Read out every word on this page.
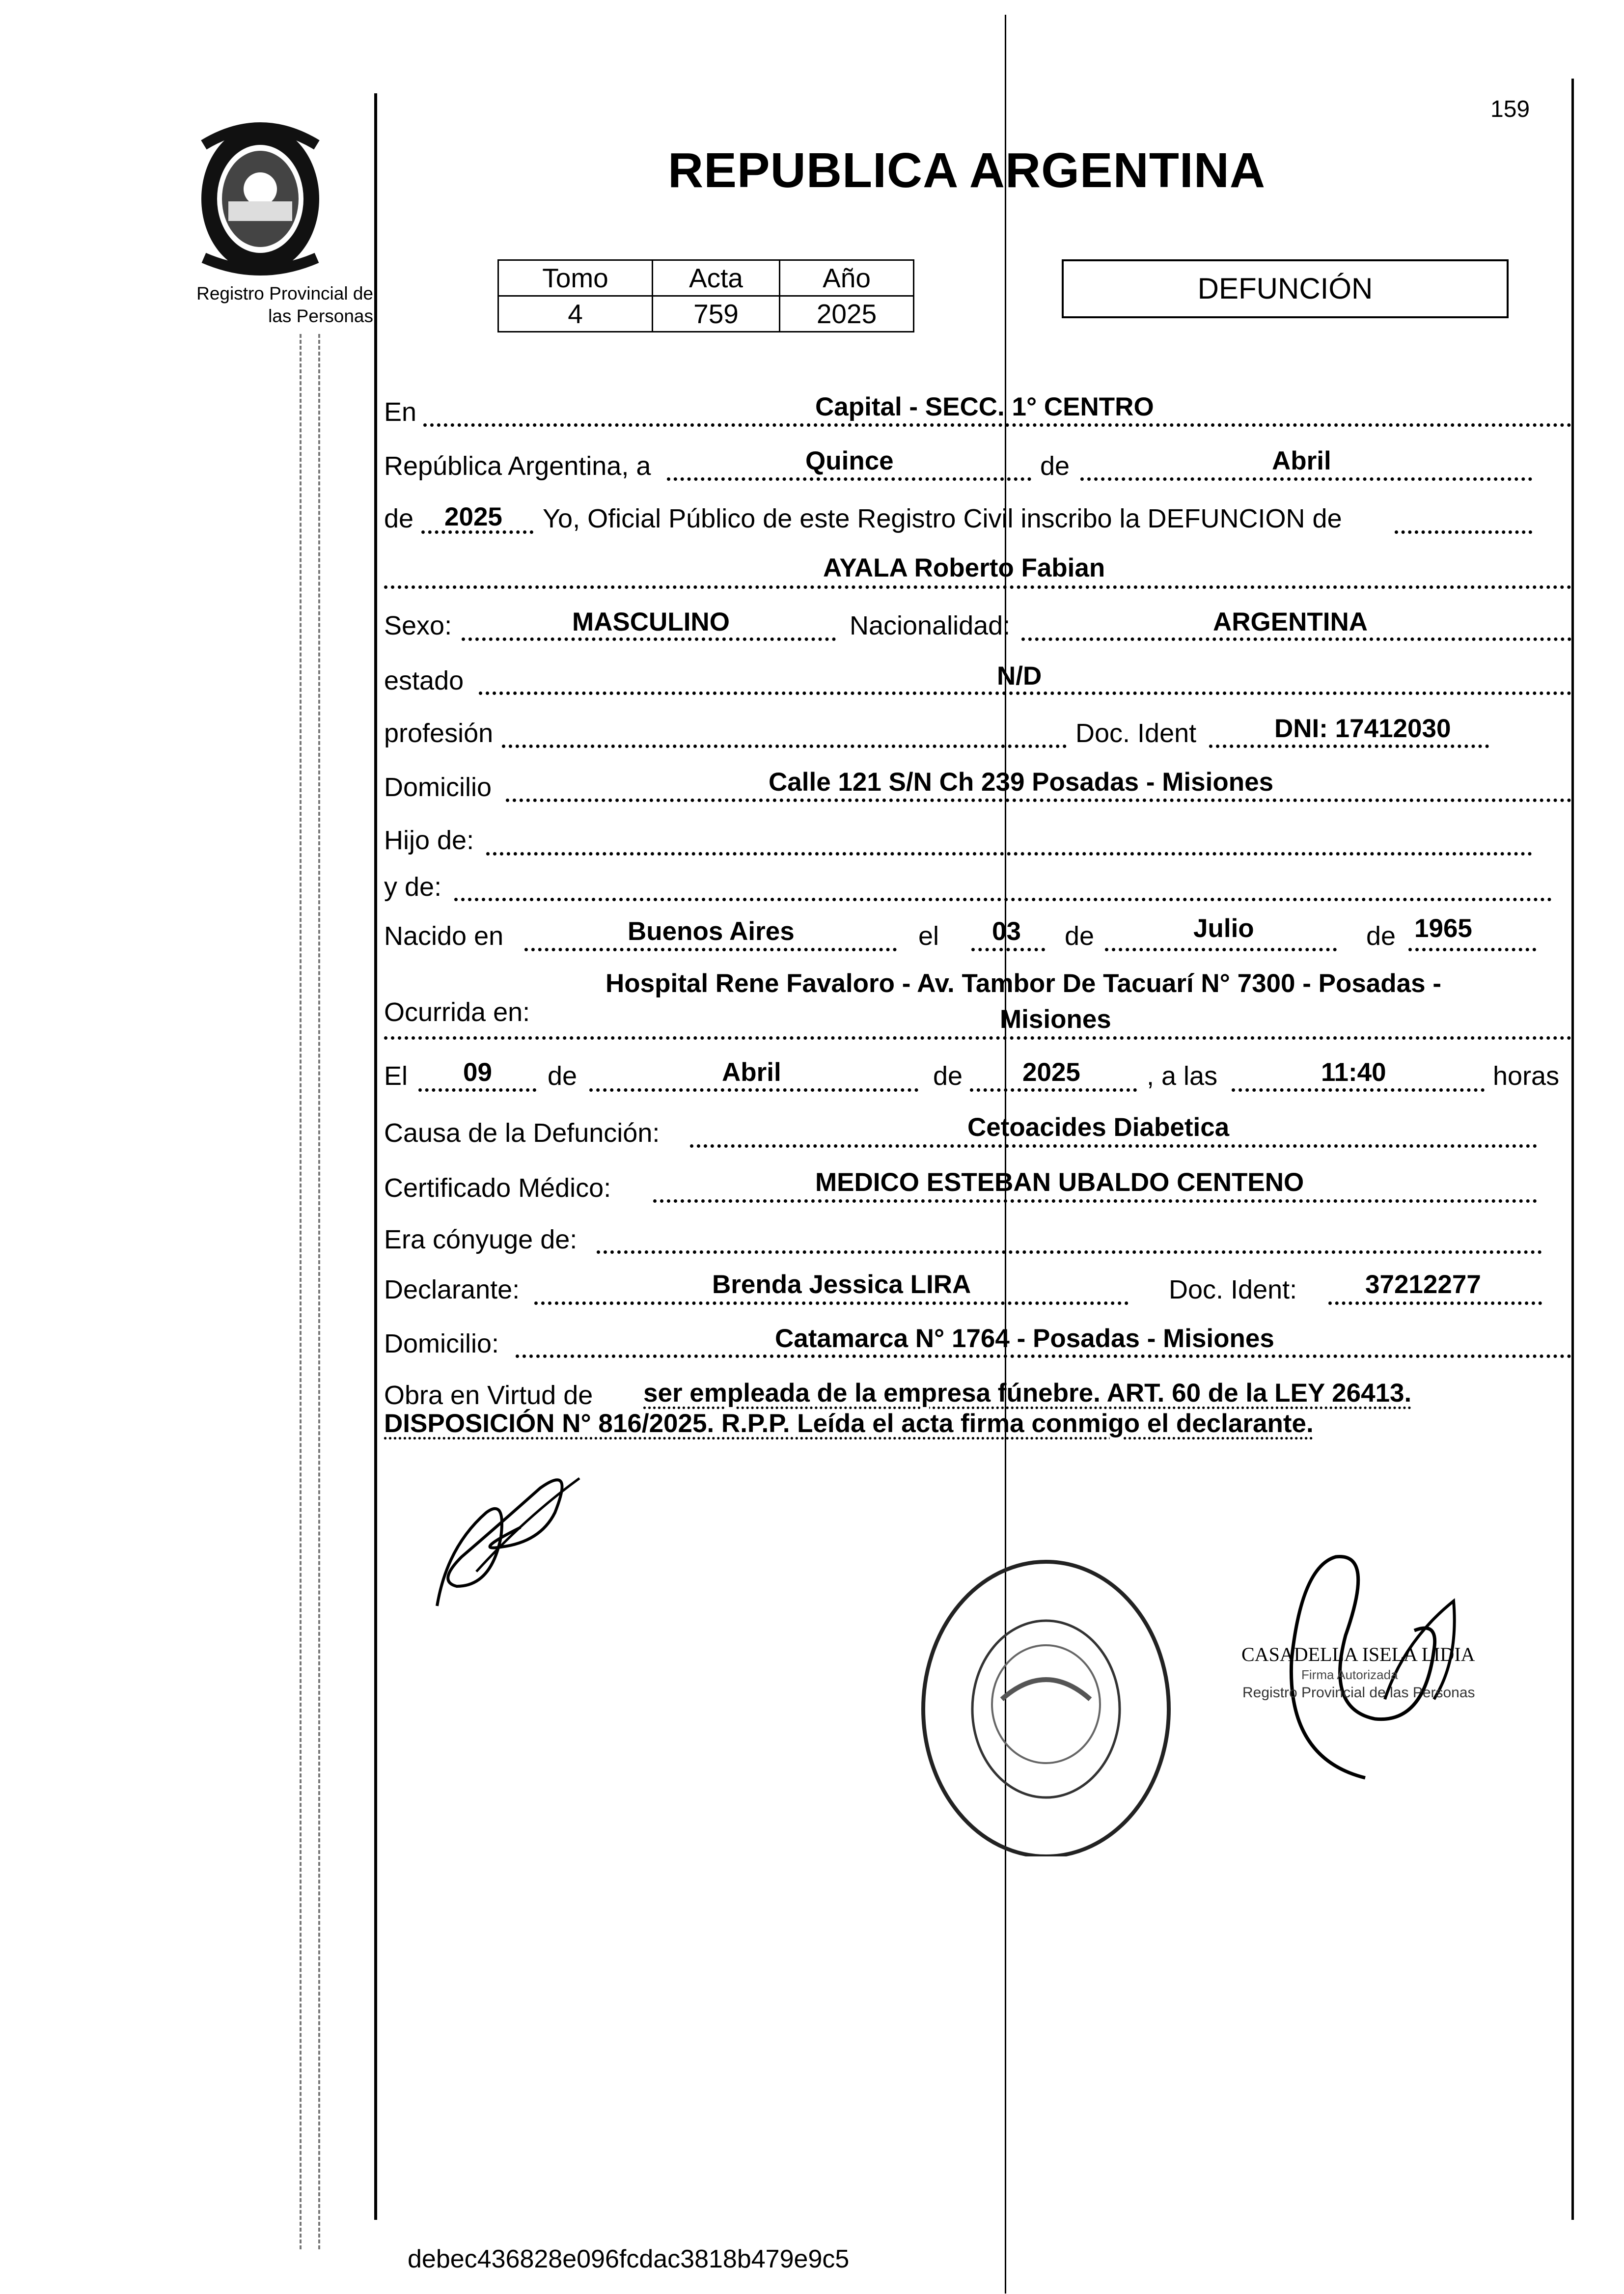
Registro Provincial de
las Personas
159
REPUBLICA ARGENTINA
Tomo	Acta	Año
4	759	2025
DEFUNCIÓN
En	Capital - SECC. 1° CENTRO
República Argentina, a	Quince	de	Abril
de 2025 Yo, Oficial Público de este Registro Civil inscribo la DEFUNCION de
AYALA Roberto Fabian
Sexo:	MASCULINO	Nacionalidad:	ARGENTINA
estado	N/D
profesión	Doc. Ident	DNI: 17412030
Domicilio	Calle 121 S/N Ch 239 Posadas - Misiones
Hijo de:
y de:
Nacido en	Buenos Aires	el 03 de	Julio	de 1965
Ocurrida en:
Hospital Rene Favaloro - Av. Tambor De Tacuarí N° 7300 - Posadas -
Misiones
El 09 de	Abril	de 2025	, a las	11:40	horas
Causa de la Defunción:	Cetoacides Diabetica
Certificado Médico:	MEDICO ESTEBAN UBALDO CENTENO
Era cónyuge de:
Declarante:	Brenda Jessica LIRA	Doc. Ident:	37212277
Domicilio:	Catamarca N° 1764 - Posadas - Misiones
Obra en Virtud de ser empleada de la empresa fúnebre. ART. 60 de la LEY 26413.
DISPOSICIÓN N° 816/2025. R.P.P. Leída el acta firma conmigo el declarante.
CASADELLA ISELA LIDIA
Firma Autorizada
Registro Provincial de las Personas
debec436828e096fcdac3818b479e9c5
